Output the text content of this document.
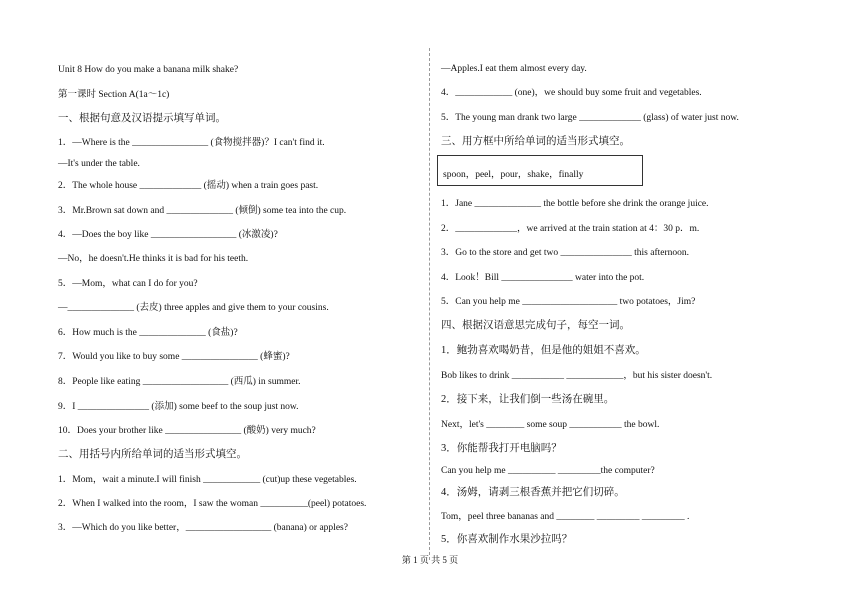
Unit 8 How do you make a banana milk shake?
第一课时 Section A(1a～1c)
一、根据句意及汉语提示填写单词。
1．—Where is the ________________ (食物搅拌器)？I can't find it.
—It's under the table.
2．The whole house _____________ (摇动) when a train goes past.
3．Mr.Brown sat down and ______________ (倾倒) some tea into the cup.
4．—Does the boy like __________________ (冰激凌)?
—No，he doesn't.He thinks it is bad for his teeth.
5．—Mom，what can I do for you?
—______________ (去皮) three apples and give them to your cousins.
6．How much is the ______________ (食盐)?
7．Would you like to buy some ________________ (蜂蜜)?
8．People like eating __________________ (西瓜) in summer.
9．I _______________ (添加) some beef to the soup just now.
10．Does your brother like ________________ (酸奶) very much?
二、用括号内所给单词的适当形式填空。
1．Mom，wait a minute.I will finish ____________ (cut)up these vegetables.
2．When I walked into the room，I saw the woman __________(peel) potatoes.
3．—Which do you like better，__________________ (banana) or apples?
—Apples.I eat them almost every day.
4．____________ (one)，we should buy some fruit and vegetables.
5．The young man drank two large _____________ (glass) of water just now.
三、用方框中所给单词的适当形式填空。
spoon，peel，pour，shake，finally
1．Jane ______________ the bottle before she drink the orange juice.
2．_____________，we arrived at the train station at 4：30 p．m.
3．Go to the store and get two _______________ this afternoon.
4．Look！Bill _______________ water into the pot.
5．Can you help me ____________________ two potatoes，Jim?
四、根据汉语意思完成句子，每空一词。
1．鲍勃喜欢喝奶昔，但是他的姐姐不喜欢。
Bob likes to drink ___________ ____________，but his sister doesn't.
2．接下来，让我们倒一些汤在碗里。
Next，let's ________ some soup ___________ the bowl.
3．你能帮我打开电脑吗？
Can you help me __________ _________the computer?
4．汤姆，请剥三根香蕉并把它们切碎。
Tom，peel three bananas and ________ _________ _________ .
5．你喜欢制作水果沙拉吗？
第 1 页 共 5 页
